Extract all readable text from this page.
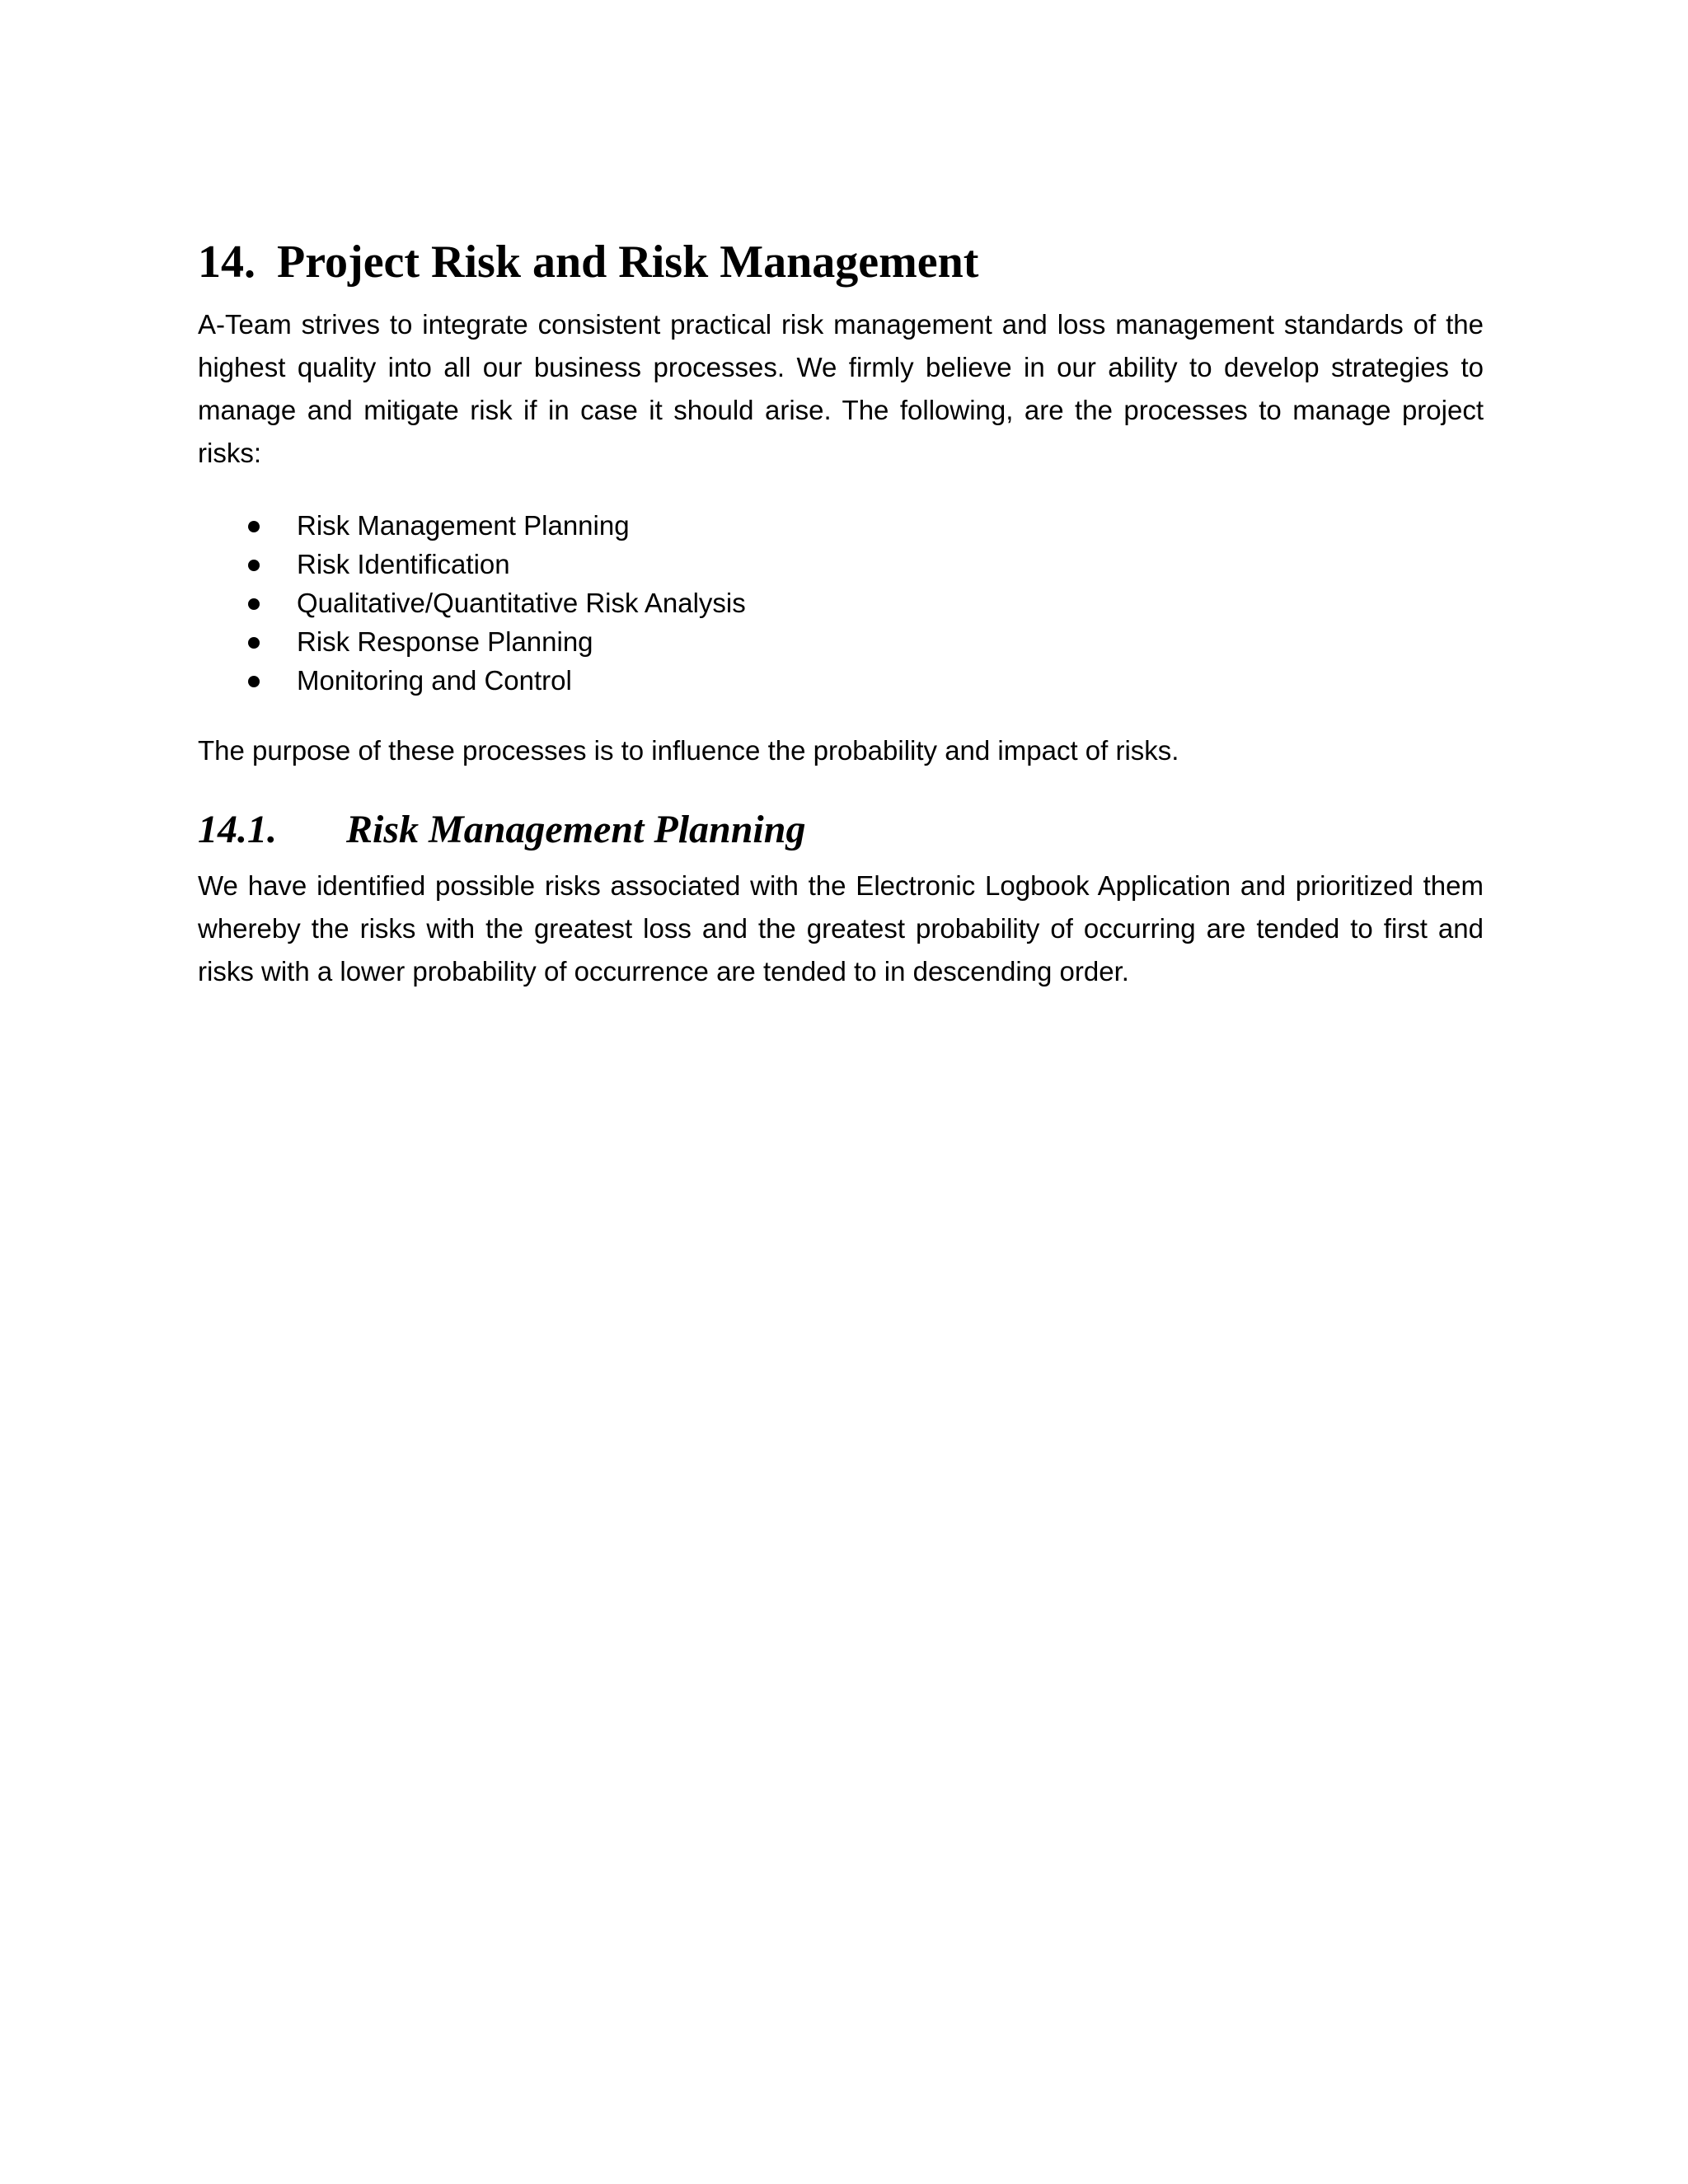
14. Project Risk and Risk Management

A-Team strives to integrate consistent practical risk management and loss management standards of the highest quality into all our business processes. We firmly believe in our ability to develop strategies to manage and mitigate risk if in case it should arise. The following, are the processes to manage project risks:

Risk Management Planning
Risk Identification
Qualitative/Quantitative Risk Analysis
Risk Response Planning
Monitoring and Control

The purpose of these processes is to influence the probability and impact of risks.

14.1.	Risk Management Planning

We have identified possible risks associated with the Electronic Logbook Application and prioritized them whereby the risks with the greatest loss and the greatest probability of occurring are tended to first and risks with a lower probability of occurrence are tended to in descending order.
